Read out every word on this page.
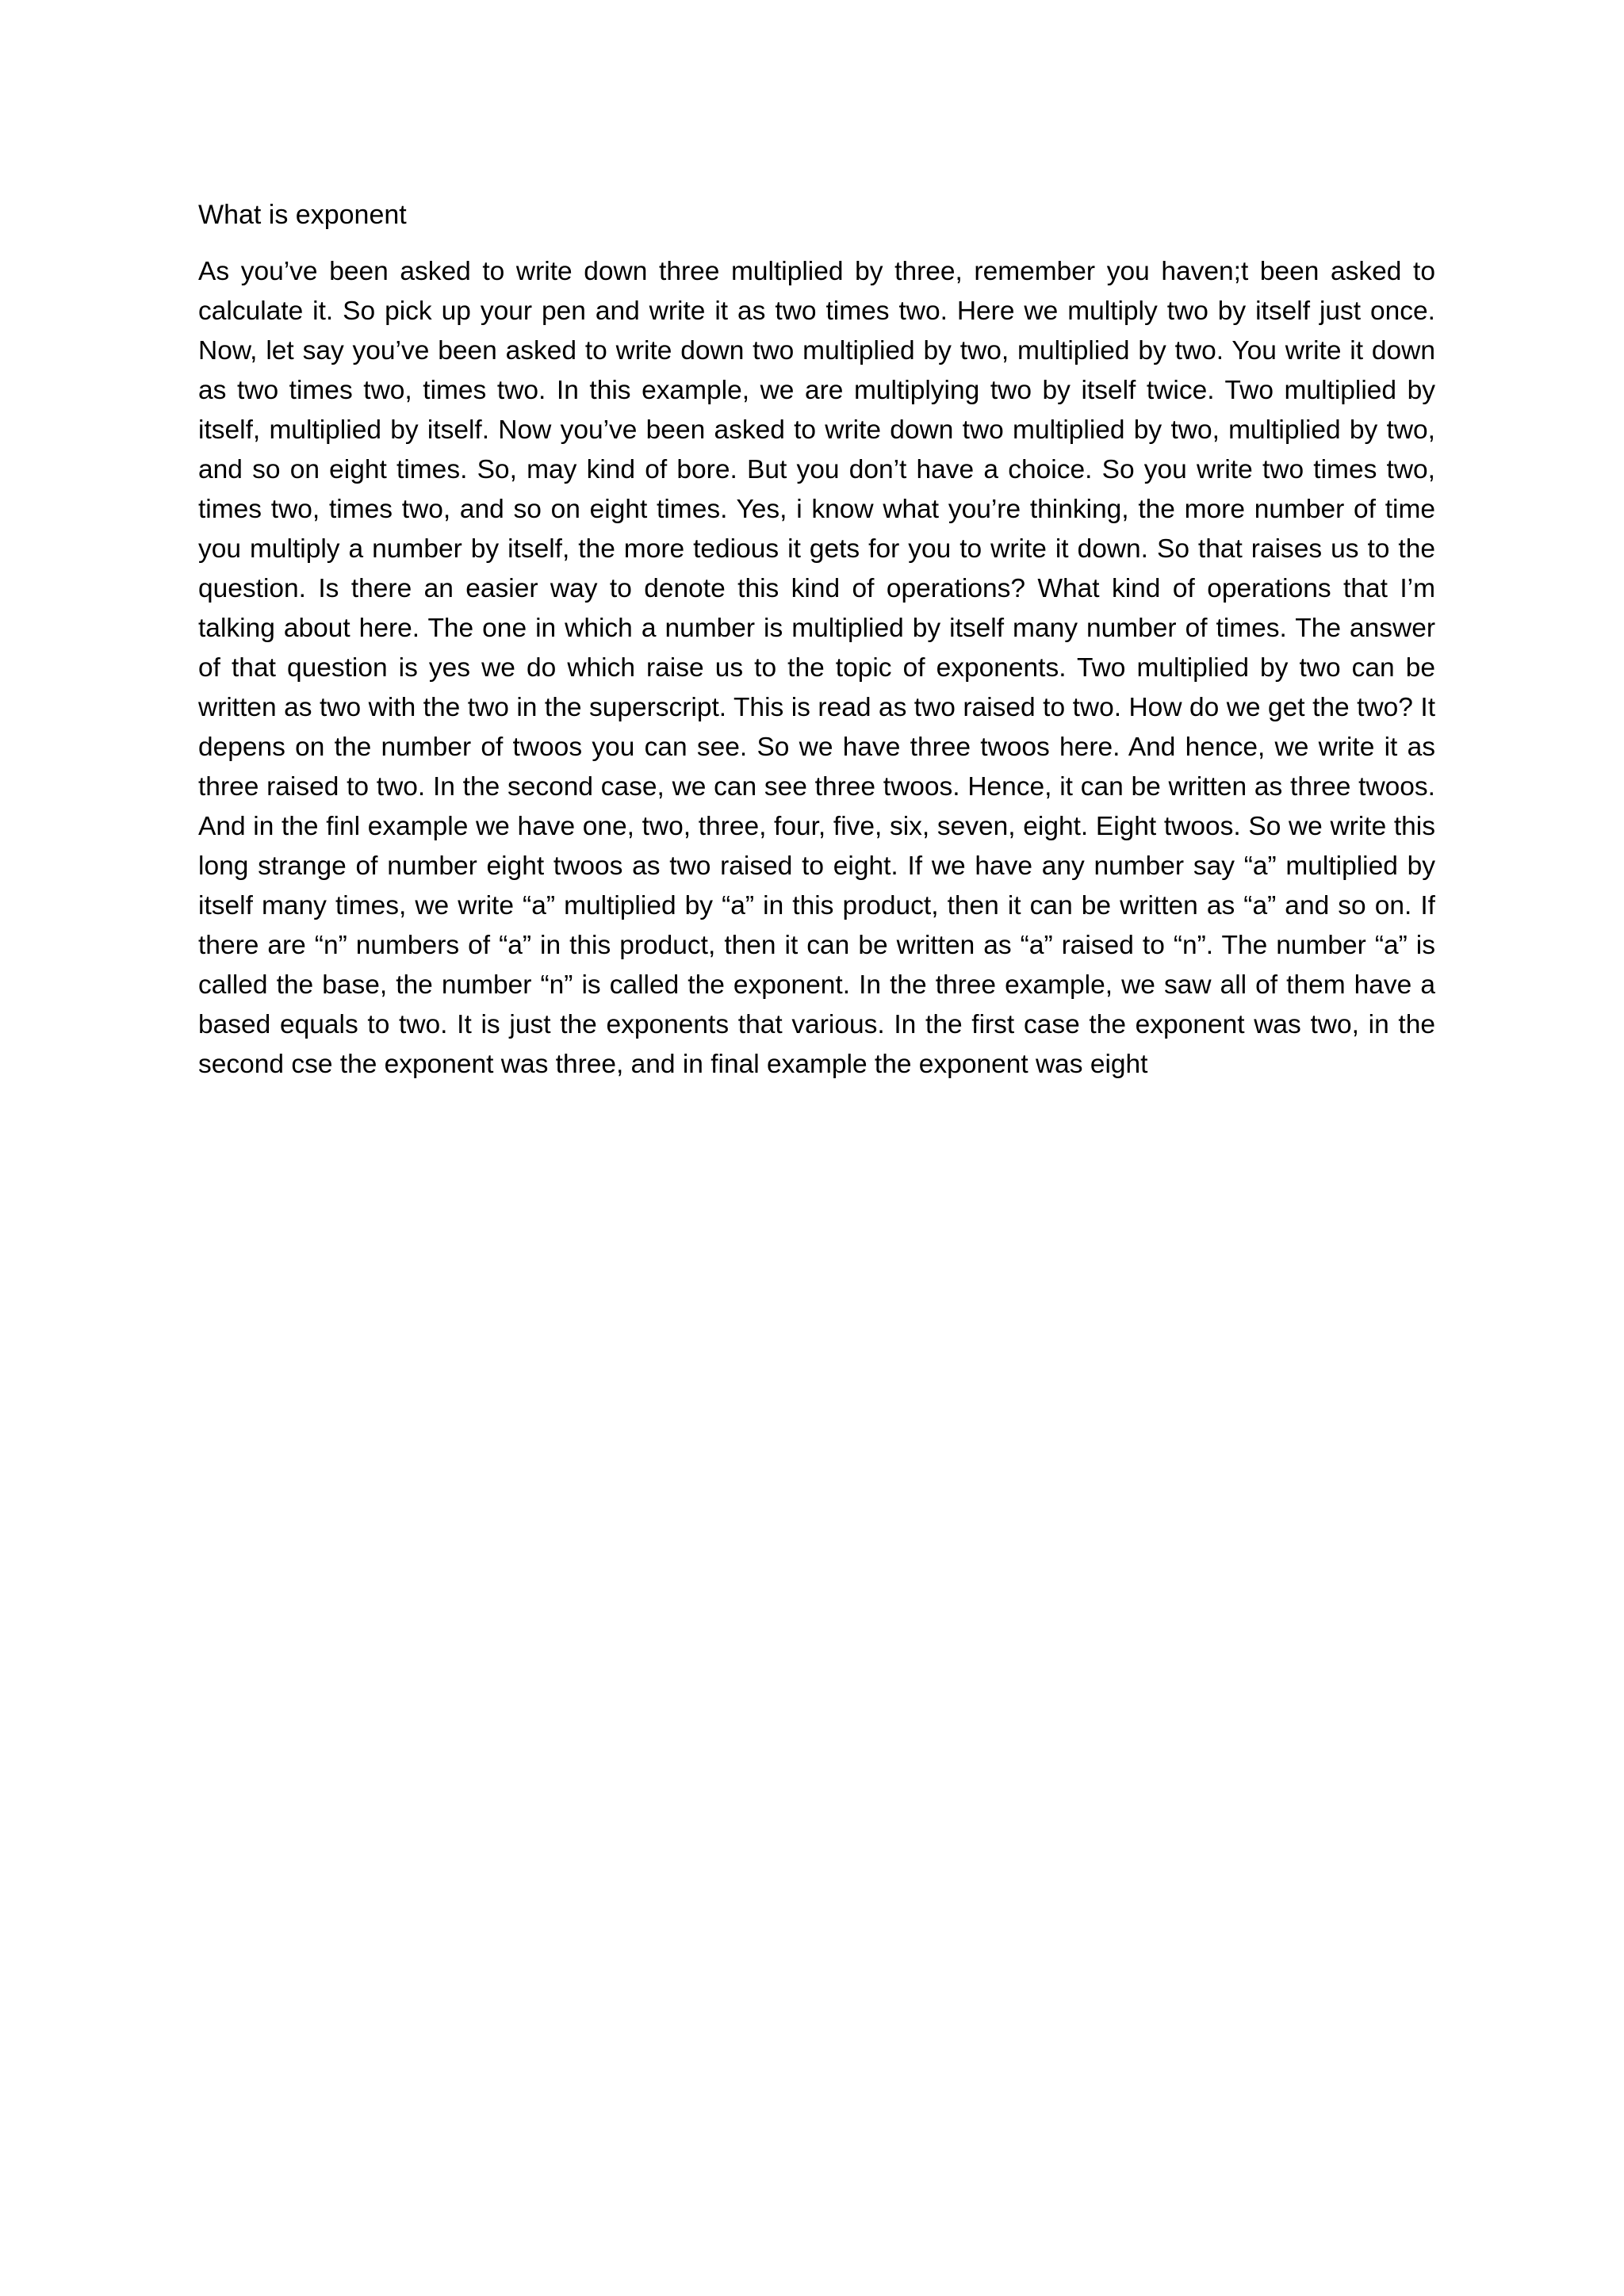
What is exponent

As you’ve been asked to write down three multiplied by three, remember you haven;t been asked to calculate it. So pick up your pen and write it as two times two. Here we multiply two by itself just once. Now, let say you’ve been asked to write down two multiplied by two, multiplied by two. You write it down as two times two, times two. In this example, we are multiplying two by itself twice. Two multiplied by itself, multiplied by itself. Now you’ve been asked to write down two multiplied by two, multiplied by two, and so on eight times. So, may kind of bore. But you don’t have a choice. So you write two times two, times two, times two, and so on eight times. Yes, i know what you’re thinking, the more number of time you multiply a number by itself, the more tedious it gets for you to write it down. So that raises us to the question. Is there an easier way to denote this kind of operations? What kind of operations that I’m talking about here. The one in which a number is multiplied by itself many number of times. The answer of that question is yes we do which raise us to the topic of exponents. Two multiplied by two can be written as two with the two in the superscript. This is read as two raised to two. How do we get the two? It depens on the number of twoos you can see. So we have three twoos here. And hence, we write it as three raised to two. In the second case, we can see three twoos. Hence, it can be written as three twoos. And in the finl example we have one, two, three, four, five, six, seven, eight. Eight twoos. So we write this long strange of number eight twoos as two raised to eight. If we have any number say “a” multiplied by itself many times, we write “a” multiplied by “a” in this product, then it can be written as “a” and so on. If there are “n” numbers of “a” in this product, then it can be written as “a” raised to “n”. The number “a” is called the base, the number “n” is called the exponent. In the three example, we saw all of them have a based equals to two. It is just the exponents that various. In the first case the exponent was two, in the second cse the exponent was three, and in final example the exponent was eight
